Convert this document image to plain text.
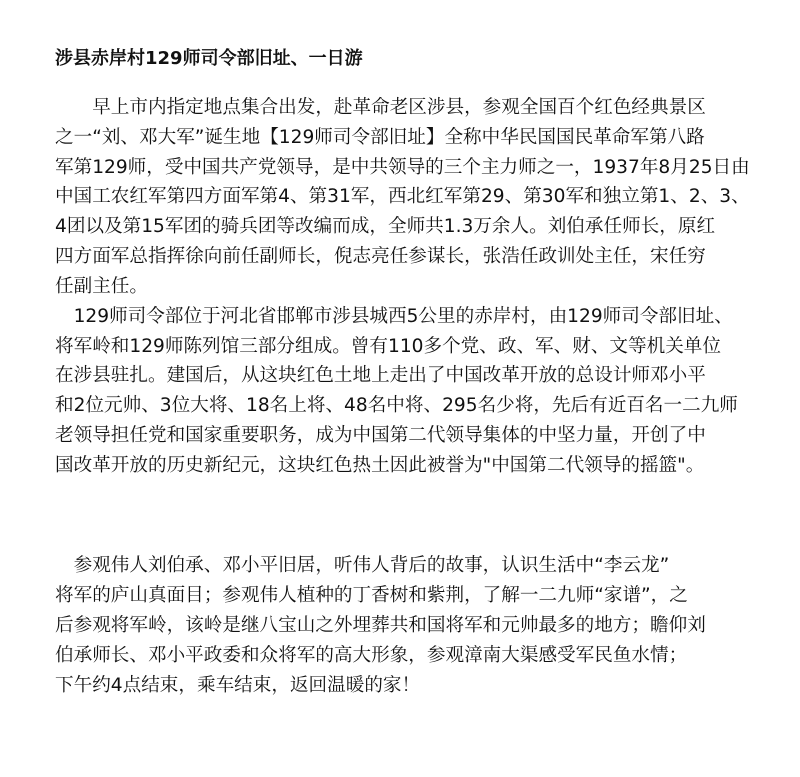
涉县赤岸村129师司令部旧址、一日游
　　早上市内指定地点集合出发，赴革命老区涉县，参观全国百个红色经典景区
之一“刘、邓大军”诞生地【129师司令部旧址】全称中华民国国民革命军第八路
军第129师，受中国共产党领导，是中共领导的三个主力师之一，1937年8月25日由
中国工农红军第四方面军第4、第31军，西北红军第29、第30军和独立第1、2、3、
4团以及第15军团的骑兵团等改编而成，全师共1.3万余人。刘伯承任师长，原红
四方面军总指挥徐向前任副师长，倪志亮任参谋长，张浩任政训处主任，宋任穷
任副主任。
　129师司令部位于河北省邯郸市涉县城西5公里的赤岸村，由129师司令部旧址、
将军岭和129师陈列馆三部分组成。曾有110多个党、政、军、财、文等机关单位
在涉县驻扎。建国后，从这块红色土地上走出了中国改革开放的总设计师邓小平
和2位元帅、3位大将、18名上将、48名中将、295名少将，先后有近百名一二九师
老领导担任党和国家重要职务，成为中国第二代领导集体的中坚力量，开创了中
国改革开放的历史新纪元，这块红色热土因此被誉为"中国第二代领导的摇篮"。
　参观伟人刘伯承、邓小平旧居，听伟人背后的故事，认识生活中“李云龙”
将军的庐山真面目；参观伟人植种的丁香树和紫荆，了解一二九师“家谱”，之
后参观将军岭，该岭是继八宝山之外埋葬共和国将军和元帅最多的地方；瞻仰刘
伯承师长、邓小平政委和众将军的高大形象，参观漳南大渠感受军民鱼水情；
下午约4点结束，乘车结束，返回温暖的家！
